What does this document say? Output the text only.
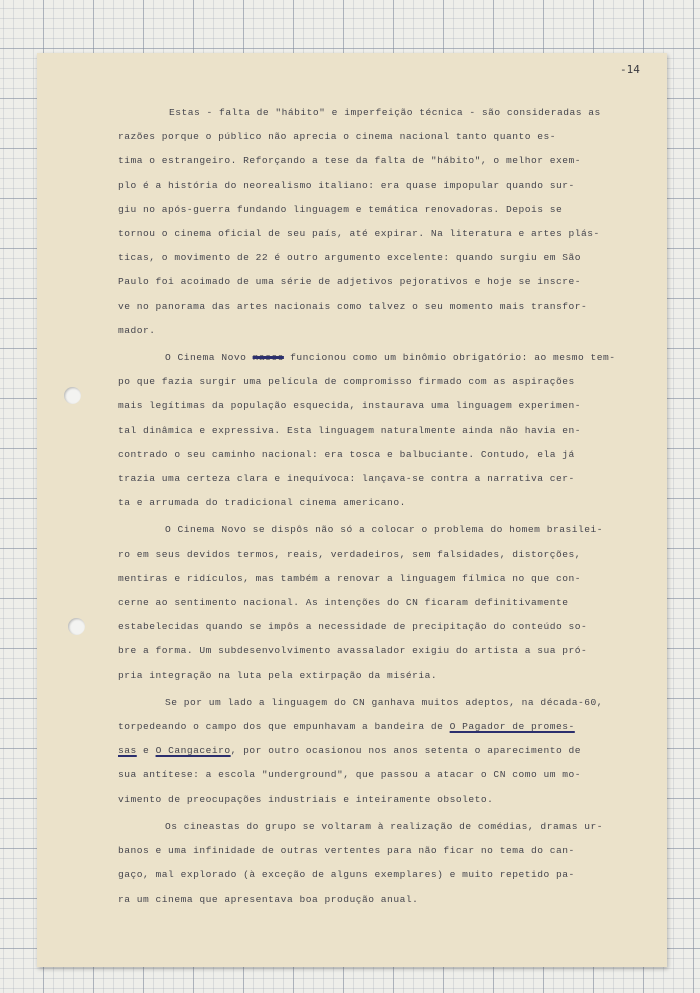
-14
Estas - falta de "hábito" e imperfeição técnica - são consideradas as
razões porque o público não aprecia o cinema nacional tanto quanto es-
tima o estrangeiro. Reforçando a tese da falta de "hábito", o melhor exem-
plo é a história do neorealismo italiano: era quase impopular quando sur-
giu no após-guerra fundando linguagem e temática renovadoras. Depois se
tornou o cinema oficial de seu país, até expirar. Na literatura e artes plás-
ticas, o movimento de 22 é outro argumento excelente: quando surgiu em São
Paulo foi acoimado de uma série de adjetivos pejorativos e hoje se inscre-
ve no panorama das artes nacionais como talvez o seu momento mais transfor-
mador.
O Cinema Novo nasce funcionou como um binômio obrigatório: ao mesmo tem-
po que fazia surgir uma película de compromisso firmado com as aspirações
mais legítimas da população esquecida, instaurava uma linguagem experimen-
tal dinâmica e expressiva. Esta linguagem naturalmente ainda não havia en-
contrado o seu caminho nacional: era tosca e balbuciante. Contudo, ela já
trazia uma certeza clara e inequívoca: lançava-se contra a narrativa cer-
ta e arrumada do tradicional cinema americano.
O Cinema Novo se dispôs não só a colocar o problema do homem brasilei-
ro em seus devidos termos, reais, verdadeiros, sem falsidades, distorções,
mentiras e ridículos, mas também a renovar a linguagem fílmica no que con-
cerne ao sentimento nacional. As intenções do CN ficaram definitivamente
estabelecidas quando se impôs a necessidade de precipitação do conteúdo so-
bre a forma. Um subdesenvolvimento avassalador exigiu do artista a sua pró-
pria integração na luta pela extirpação da miséria.
Se por um lado a linguagem do CN ganhava muitos adeptos, na década-60,
torpedeando o campo dos que empunhavam a bandeira de O Pagador de promes-
sas e O Cangaceiro, por outro ocasionou nos anos setenta o aparecimento de
sua antítese: a escola "underground", que passou a atacar o CN como um mo-
vimento de preocupações industriais e inteiramente obsoleto.
Os cineastas do grupo se voltaram à realização de comédias, dramas ur-
banos e uma infinidade de outras vertentes para não ficar no tema do can-
gaço, mal explorado (à exceção de alguns exemplares) e muito repetido pa-
ra um cinema que apresentava boa produção anual.
